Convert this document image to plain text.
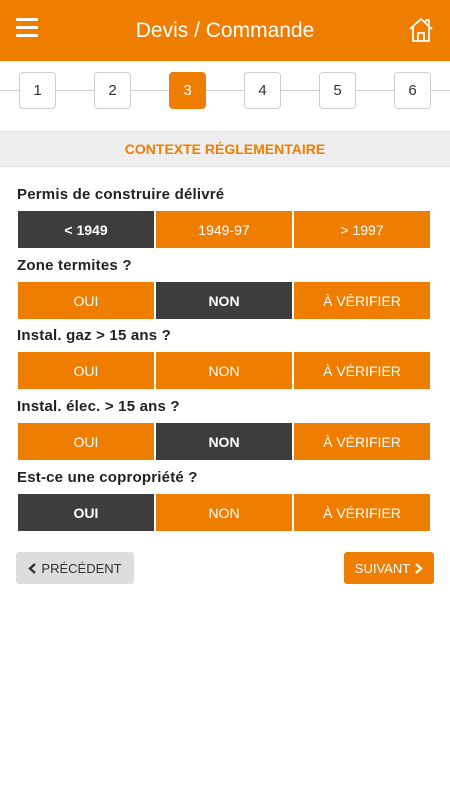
Devis / Commande
1	2	3	4	5	6
CONTEXTE RÉGLEMENTAIRE
Permis de construire délivré
< 1949	1949-97	> 1997
Zone termites ?
OUI	NON	À VÉRIFIER
Instal. gaz > 15 ans ?
OUI	NON	À VÉRIFIER
Instal. élec. > 15 ans ?
OUI	NON	À VÉRIFIER
Est-ce une copropriété ?
OUI	NON	À VÉRIFIER
PRÉCÉDENT	SUIVANT
